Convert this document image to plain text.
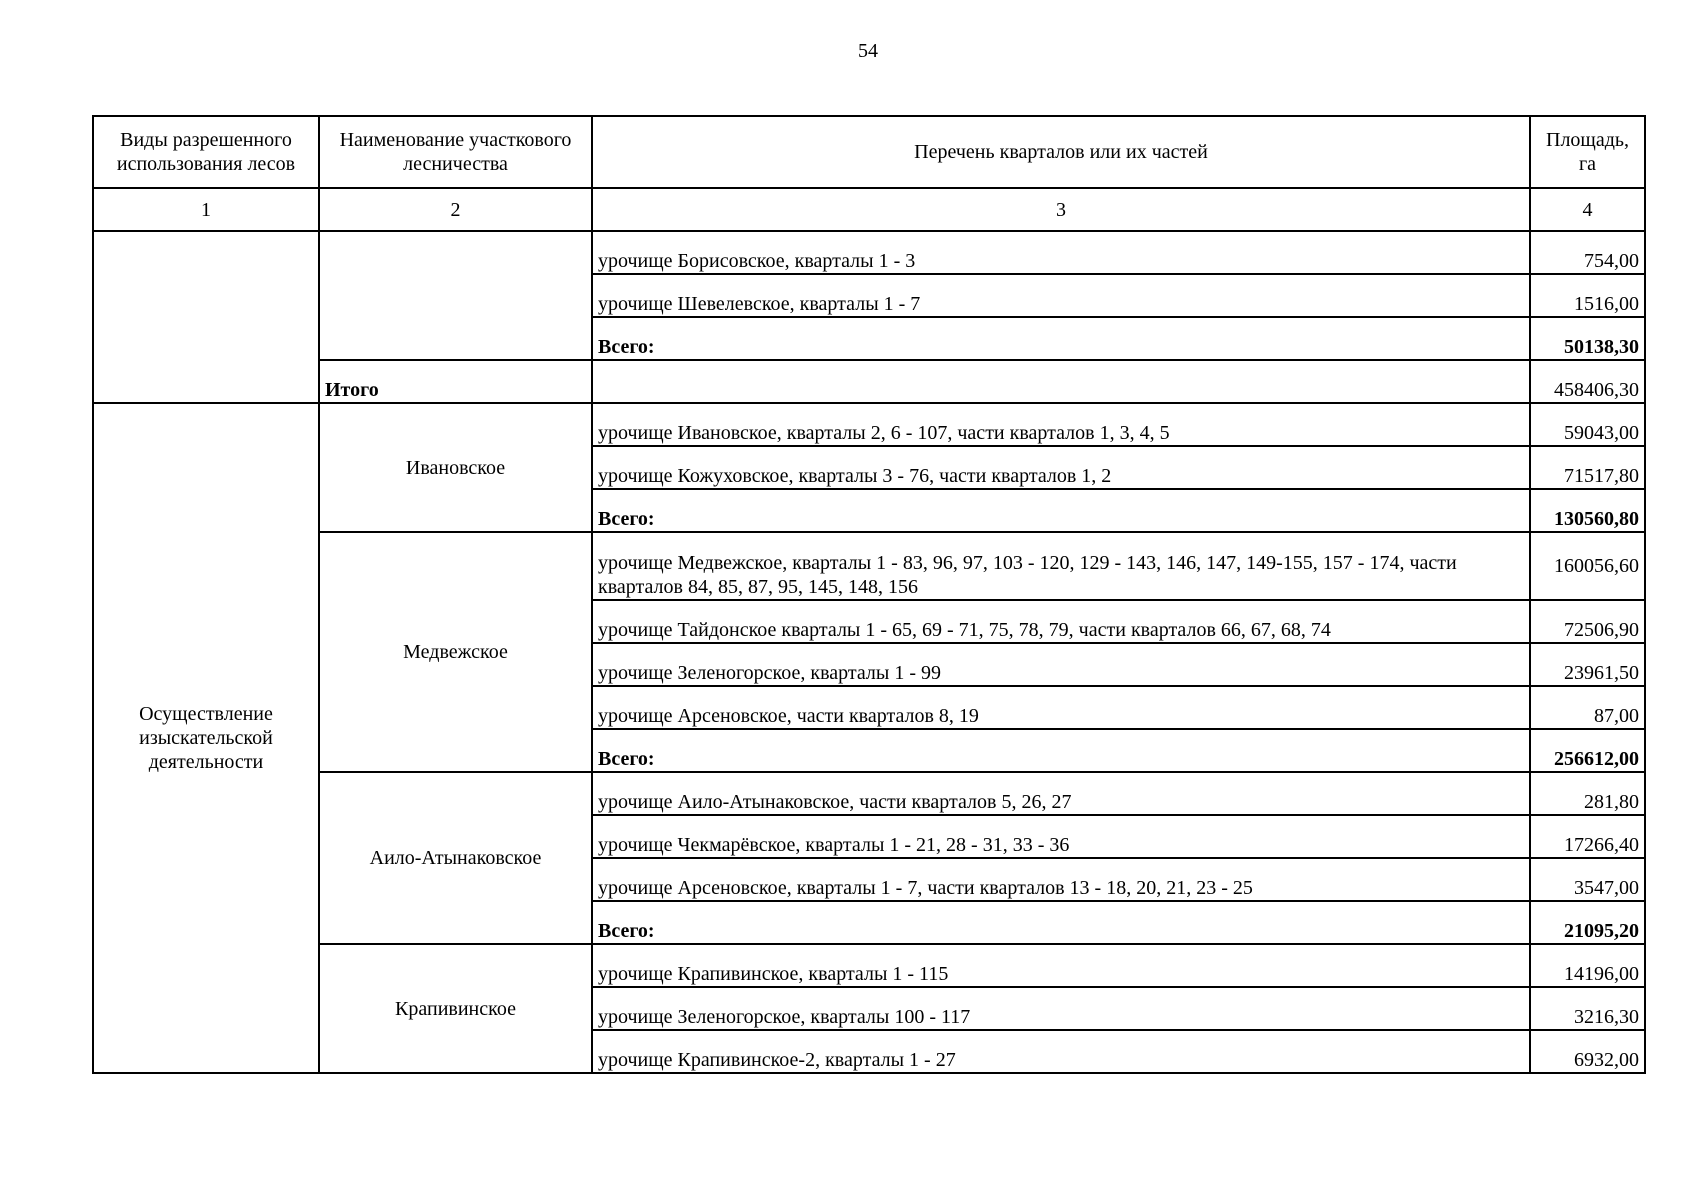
54
Виды разрешенного использования лесов	Наименование участкового лесничества	Перечень кварталов или их частей	Площадь, га
1	2	3	4
		урочище Борисовское, кварталы 1 - 3	754,00
		урочище Шевелевское, кварталы 1 - 7	1516,00
		Всего:	50138,30
	Итого		458406,30
Осуществление изыскательской деятельности	Ивановское	урочище Ивановское, кварталы 2, 6 - 107, части кварталов 1, 3, 4, 5	59043,00
		урочище Кожуховское, кварталы 3 - 76, части кварталов 1, 2	71517,80
		Всего:	130560,80
	Медвежское	урочище Медвежское, кварталы 1 - 83, 96, 97, 103 - 120, 129 - 143, 146, 147, 149-155, 157 - 174, части кварталов 84, 85, 87, 95, 145, 148, 156	160056,60
		урочище Тайдонское кварталы 1 - 65, 69 - 71, 75, 78, 79, части кварталов 66, 67, 68, 74	72506,90
		урочище Зеленогорское, кварталы 1 - 99	23961,50
		урочище Арсеновское, части кварталов 8, 19	87,00
		Всего:	256612,00
	Аило-Атынаковское	урочище Аило-Атынаковское, части кварталов 5, 26, 27	281,80
		урочище Чекмарёвское, кварталы 1 - 21, 28 - 31, 33 - 36	17266,40
		урочище Арсеновское, кварталы 1 - 7, части кварталов 13 - 18, 20, 21, 23 - 25	3547,00
		Всего:	21095,20
	Крапивинское	урочище Крапивинское, кварталы 1 - 115	14196,00
		урочище Зеленогорское, кварталы 100 - 117	3216,30
		урочище Крапивинское-2, кварталы 1 - 27	6932,00
